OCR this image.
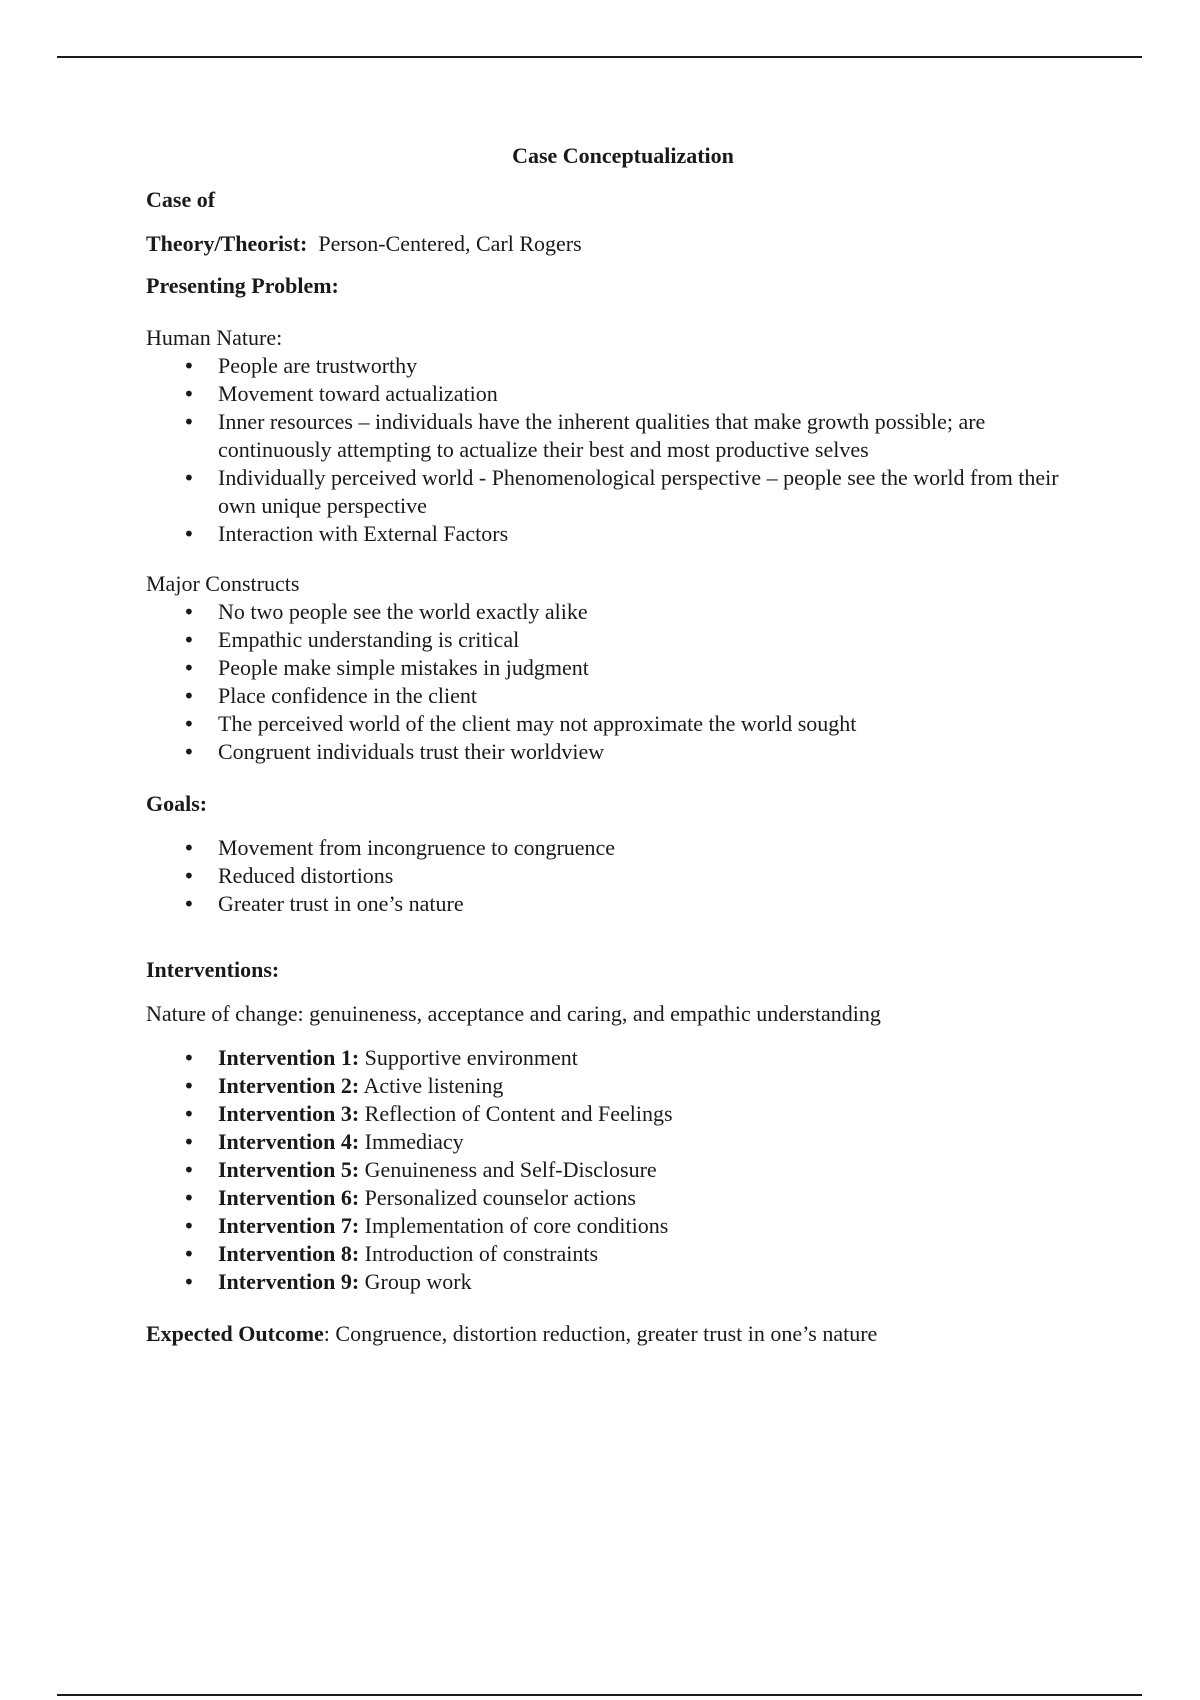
Case Conceptualization

Case of

Theory/Theorist: Person-Centered, Carl Rogers

Presenting Problem:

Human Nature:

• People are trustworthy
• Movement toward actualization
• Inner resources – individuals have the inherent qualities that make growth possible; are continuously attempting to actualize their best and most productive selves
• Individually perceived world - Phenomenological perspective – people see the world from their own unique perspective
• Interaction with External Factors

Major Constructs

• No two people see the world exactly alike
• Empathic understanding is critical
• People make simple mistakes in judgment
• Place confidence in the client
• The perceived world of the client may not approximate the world sought
• Congruent individuals trust their worldview

Goals:

• Movement from incongruence to congruence
• Reduced distortions
• Greater trust in one’s nature

Interventions:

Nature of change: genuineness, acceptance and caring, and empathic understanding

• Intervention 1: Supportive environment
• Intervention 2: Active listening
• Intervention 3: Reflection of Content and Feelings
• Intervention 4: Immediacy
• Intervention 5: Genuineness and Self-Disclosure
• Intervention 6: Personalized counselor actions
• Intervention 7: Implementation of core conditions
• Intervention 8: Introduction of constraints
• Intervention 9: Group work

Expected Outcome: Congruence, distortion reduction, greater trust in one’s nature
